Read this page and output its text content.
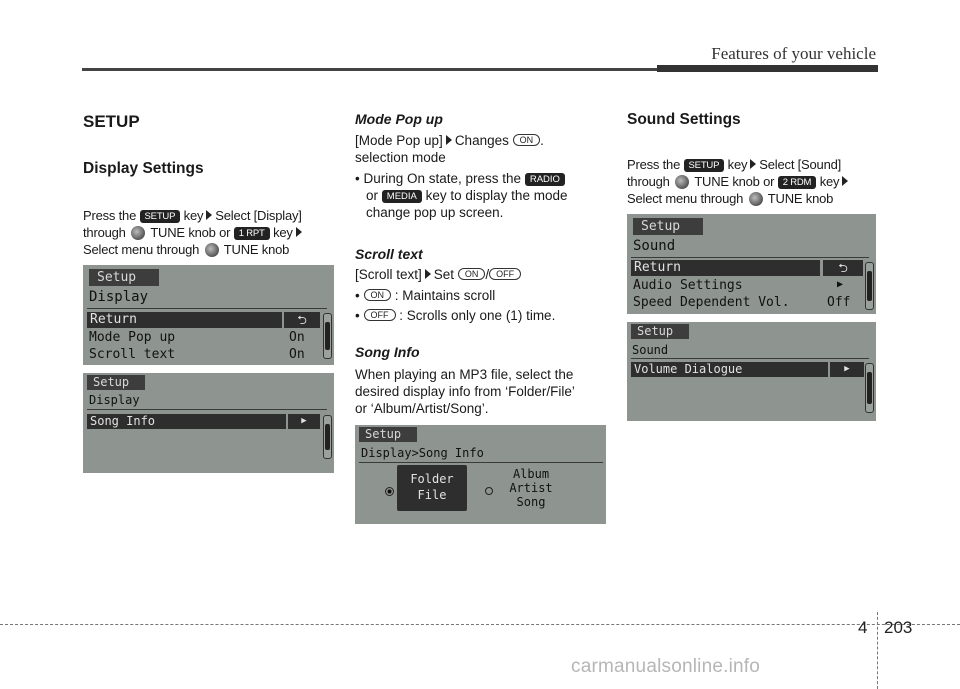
Features of your vehicle
SETUP
Display Settings
Press the SETUP key Select [Display]
through TUNE knob or 1 RPT key
Select menu through TUNE knob
Setup
Display
Return	⮌
Mode Pop up	On
Scroll text	On
Setup
Display
Song Info	▶
Mode Pop up
[Mode Pop up] Changes ON .
selection mode
• During On state, press the RADIO
or MEDIA key to display the mode
change pop up screen.
Scroll text
[Scroll text] Set ON / OFF
• ON : Maintains scroll
• OFF : Scrolls only one (1) time.
Song Info
When playing an MP3 file, select the
desired display info from ‘Folder/File’
or ‘Album/Artist/Song’.
Setup
Display>Song Info
Folder
File
Album
Artist
Song
Sound Settings
Press the SETUP key Select [Sound]
through TUNE knob or 2 RDM key
Select menu through TUNE knob
Setup
Sound
Return	⮌
Audio Settings	▶
Speed Dependent Vol.	Off
Setup
Sound
Volume Dialogue	▶
4 203
carmanualsonline.info
